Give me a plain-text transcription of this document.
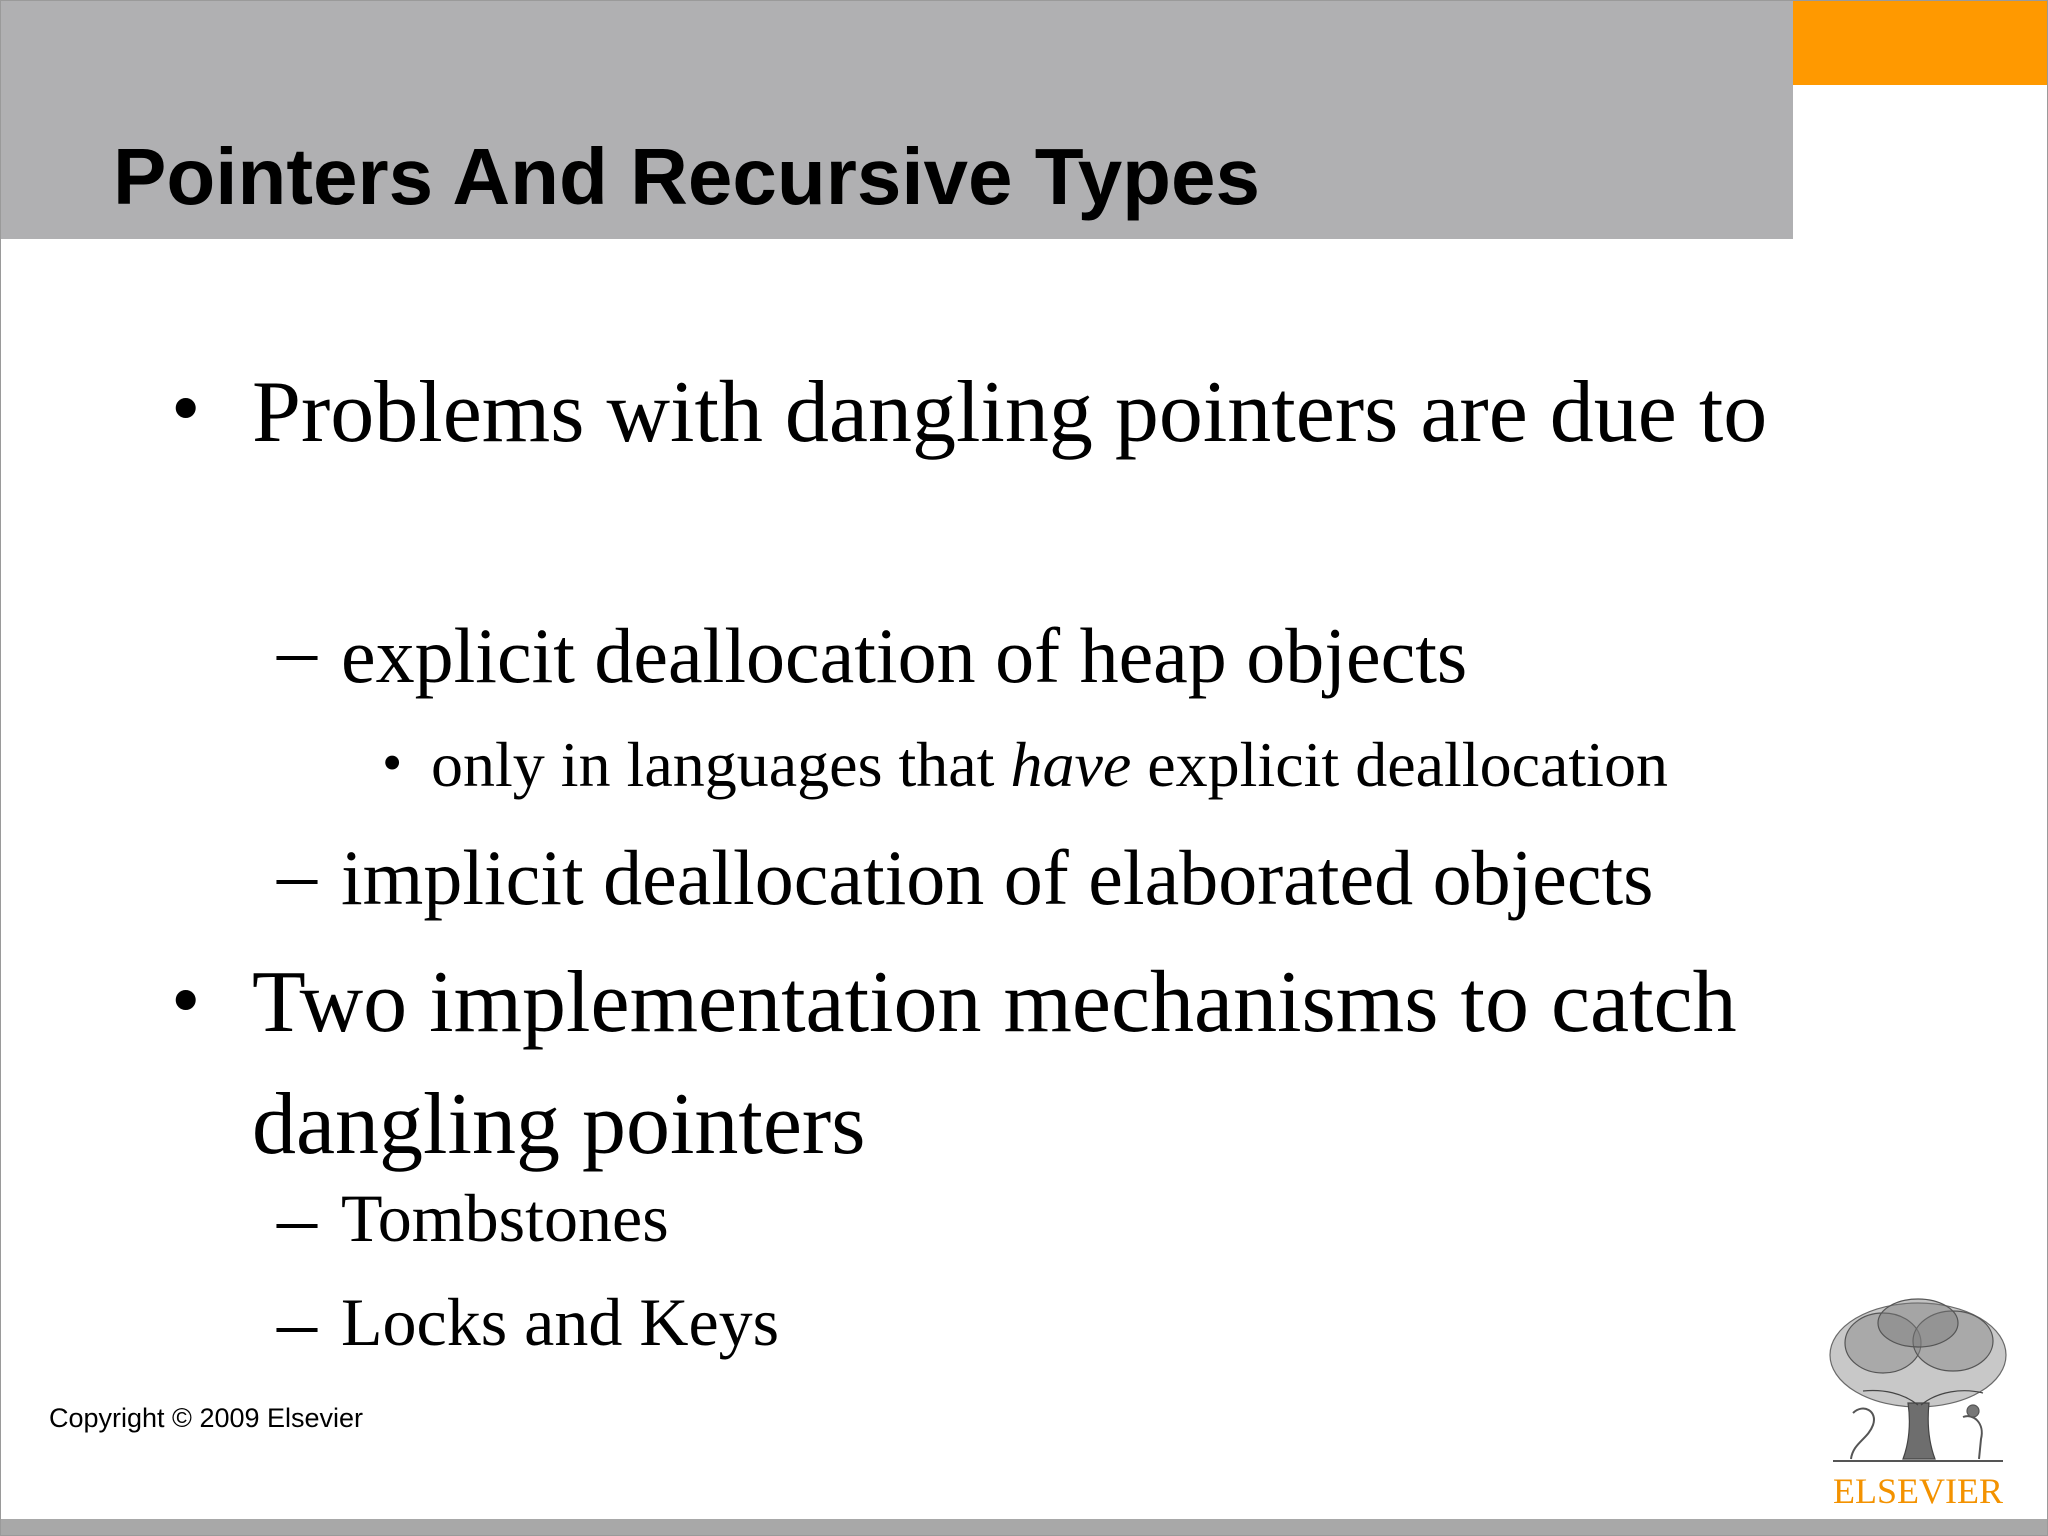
Pointers And Recursive Types
• Problems with dangling pointers are due to

– explicit deallocation of heap objects

• only in languages that have explicit deallocation

– implicit deallocation of elaborated objects

• Two implementation mechanisms to catch dangling pointers

– Tombstones

– Locks and Keys

Copyright © 2009 Elsevier
ELSEVIER
